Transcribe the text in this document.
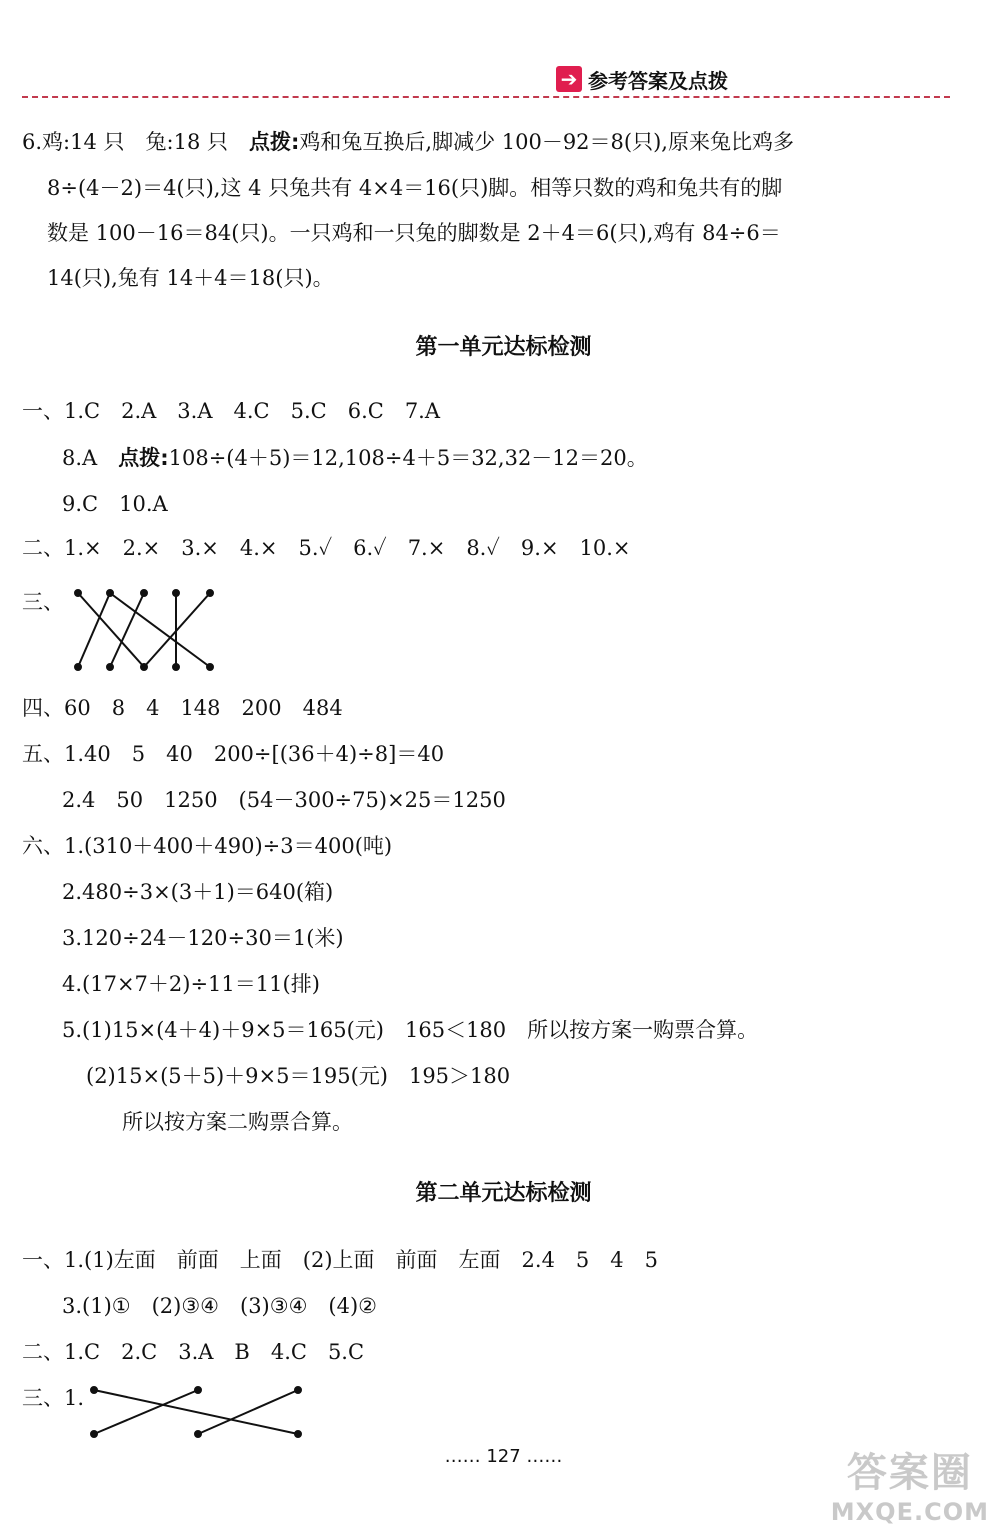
➔ 参考答案及点拨
6.鸡:14 只　兔:18 只　点拨:鸡和兔互换后,脚减少 100－92＝8(只),原来兔比鸡多
8÷(4－2)＝4(只),这 4 只兔共有 4×4＝16(只)脚。相等只数的鸡和兔共有的脚
数是 100－16＝84(只)。一只鸡和一只兔的脚数是 2＋4＝6(只),鸡有 84÷6＝
14(只),兔有 14＋4＝18(只)。
第一单元达标检测
一、1.C　2.A　3.A　4.C　5.C　6.C　7.A
8.A　点拨:108÷(4＋5)＝12,108÷4＋5＝32,32－12＝20。
9.C　10.A
二、1.×　2.×　3.×　4.×　5.✓　6.✓　7.×　8.✓　9.×　10.×
三、
四、60　8　4　148　200　484
五、1.40　5　40　200÷[(36＋4)÷8]＝40
2.4　50　1250　(54－300÷75)×25＝1250
六、1.(310＋400＋490)÷3＝400(吨)
2.480÷3×(3＋1)＝640(箱)
3.120÷24－120÷30＝1(米)
4.(17×7＋2)÷11＝11(排)
5.(1)15×(4＋4)＋9×5＝165(元)　165＜180　所以按方案一购票合算。
(2)15×(5＋5)＋9×5＝195(元)　195＞180
所以按方案二购票合算。
第二单元达标检测
一、1.(1)左面　前面　上面　(2)上面　前面　左面　2.4　5　4　5
3.(1)①　(2)③④　(3)③④　(4)②
二、1.C　2.C　3.A　B　4.C　5.C
三、1.
…… 127 ……	答案圈
MXQE.COM
